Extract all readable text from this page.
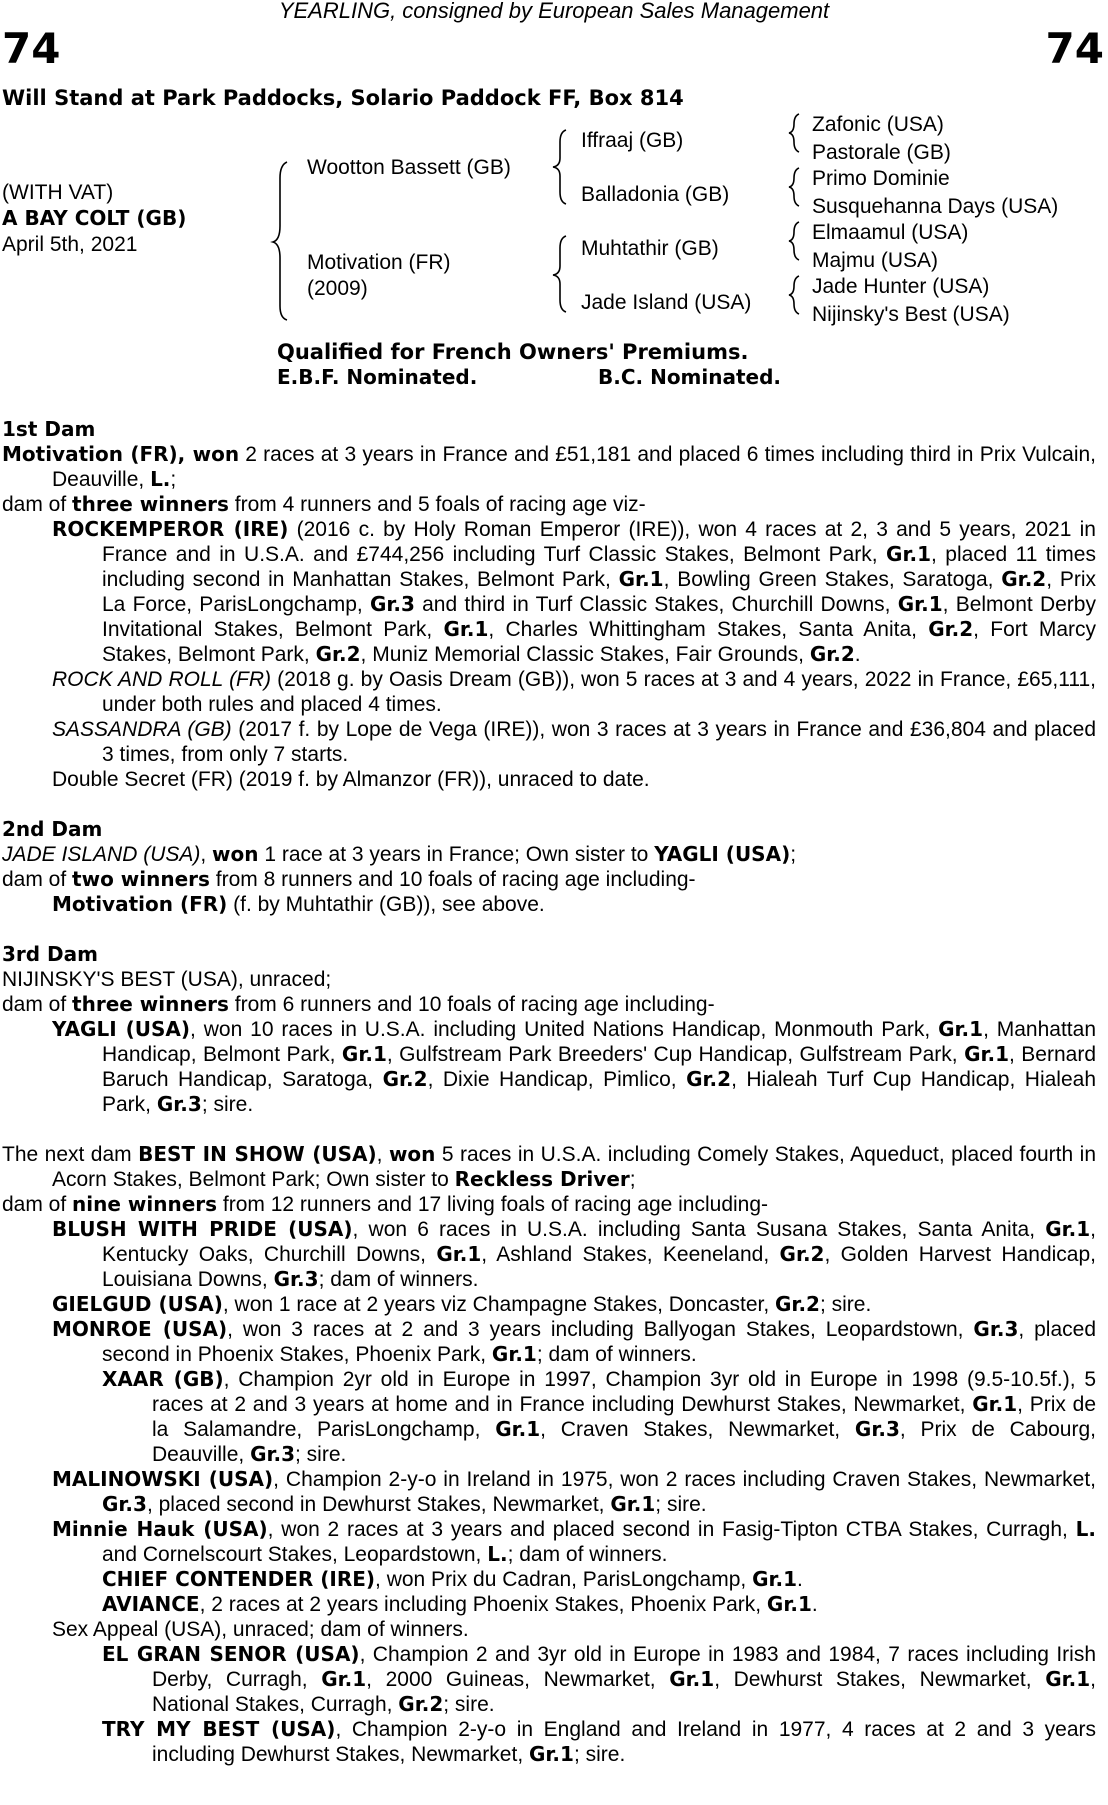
YEARLING, consigned by European Sales Management
74	74
Will Stand at Park Paddocks, Solario Paddock FF, Box 814
(WITH VAT)
A BAY COLT (GB)
April 5th, 2021
Wootton Bassett (GB)
Motivation (FR)
(2009)
Iffraaj (GB)
Balladonia (GB)
Muhtathir (GB)
Jade Island (USA)
Zafonic (USA)
Pastorale (GB)
Primo Dominie
Susquehanna Days (USA)
Elmaamul (USA)
Majmu (USA)
Jade Hunter (USA)
Nijinsky's Best (USA)
Qualified for French Owners' Premiums.
E.B.F. Nominated.	B.C. Nominated.
1st Dam
Motivation (FR), won 2 races at 3 years in France and £51,181 and placed 6 times including third in Prix Vulcain, Deauville, L.;
dam of three winners from 4 runners and 5 foals of racing age viz-
ROCKEMPEROR (IRE) (2016 c. by Holy Roman Emperor (IRE)), won 4 races at 2, 3 and 5 years, 2021 in France and in U.S.A. and £744,256 including Turf Classic Stakes, Belmont Park, Gr.1, placed 11 times including second in Manhattan Stakes, Belmont Park, Gr.1, Bowling Green Stakes, Saratoga, Gr.2, Prix La Force, ParisLongchamp, Gr.3 and third in Turf Classic Stakes, Churchill Downs, Gr.1, Belmont Derby Invitational Stakes, Belmont Park, Gr.1, Charles Whittingham Stakes, Santa Anita, Gr.2, Fort Marcy Stakes, Belmont Park, Gr.2, Muniz Memorial Classic Stakes, Fair Grounds, Gr.2.
ROCK AND ROLL (FR) (2018 g. by Oasis Dream (GB)), won 5 races at 3 and 4 years, 2022 in France, £65,111, under both rules and placed 4 times.
SASSANDRA (GB) (2017 f. by Lope de Vega (IRE)), won 3 races at 3 years in France and £36,804 and placed 3 times, from only 7 starts.
Double Secret (FR) (2019 f. by Almanzor (FR)), unraced to date.
2nd Dam
JADE ISLAND (USA), won 1 race at 3 years in France; Own sister to YAGLI (USA);
dam of two winners from 8 runners and 10 foals of racing age including-
Motivation (FR) (f. by Muhtathir (GB)), see above.
3rd Dam
NIJINSKY'S BEST (USA), unraced;
dam of three winners from 6 runners and 10 foals of racing age including-
YAGLI (USA), won 10 races in U.S.A. including United Nations Handicap, Monmouth Park, Gr.1, Manhattan Handicap, Belmont Park, Gr.1, Gulfstream Park Breeders' Cup Handicap, Gulfstream Park, Gr.1, Bernard Baruch Handicap, Saratoga, Gr.2, Dixie Handicap, Pimlico, Gr.2, Hialeah Turf Cup Handicap, Hialeah Park, Gr.3; sire.
The next dam BEST IN SHOW (USA), won 5 races in U.S.A. including Comely Stakes, Aqueduct, placed fourth in Acorn Stakes, Belmont Park; Own sister to Reckless Driver;
dam of nine winners from 12 runners and 17 living foals of racing age including-
BLUSH WITH PRIDE (USA), won 6 races in U.S.A. including Santa Susana Stakes, Santa Anita, Gr.1, Kentucky Oaks, Churchill Downs, Gr.1, Ashland Stakes, Keeneland, Gr.2, Golden Harvest Handicap, Louisiana Downs, Gr.3; dam of winners.
GIELGUD (USA), won 1 race at 2 years viz Champagne Stakes, Doncaster, Gr.2; sire.
MONROE (USA), won 3 races at 2 and 3 years including Ballyogan Stakes, Leopardstown, Gr.3, placed second in Phoenix Stakes, Phoenix Park, Gr.1; dam of winners.
XAAR (GB), Champion 2yr old in Europe in 1997, Champion 3yr old in Europe in 1998 (9.5-10.5f.), 5 races at 2 and 3 years at home and in France including Dewhurst Stakes, Newmarket, Gr.1, Prix de la Salamandre, ParisLongchamp, Gr.1, Craven Stakes, Newmarket, Gr.3, Prix de Cabourg, Deauville, Gr.3; sire.
MALINOWSKI (USA), Champion 2-y-o in Ireland in 1975, won 2 races including Craven Stakes, Newmarket, Gr.3, placed second in Dewhurst Stakes, Newmarket, Gr.1; sire.
Minnie Hauk (USA), won 2 races at 3 years and placed second in Fasig-Tipton CTBA Stakes, Curragh, L. and Cornelscourt Stakes, Leopardstown, L.; dam of winners.
CHIEF CONTENDER (IRE), won Prix du Cadran, ParisLongchamp, Gr.1.
AVIANCE, 2 races at 2 years including Phoenix Stakes, Phoenix Park, Gr.1.
Sex Appeal (USA), unraced; dam of winners.
EL GRAN SENOR (USA), Champion 2 and 3yr old in Europe in 1983 and 1984, 7 races including Irish Derby, Curragh, Gr.1, 2000 Guineas, Newmarket, Gr.1, Dewhurst Stakes, Newmarket, Gr.1, National Stakes, Curragh, Gr.2; sire.
TRY MY BEST (USA), Champion 2-y-o in England and Ireland in 1977, 4 races at 2 and 3 years including Dewhurst Stakes, Newmarket, Gr.1; sire.
